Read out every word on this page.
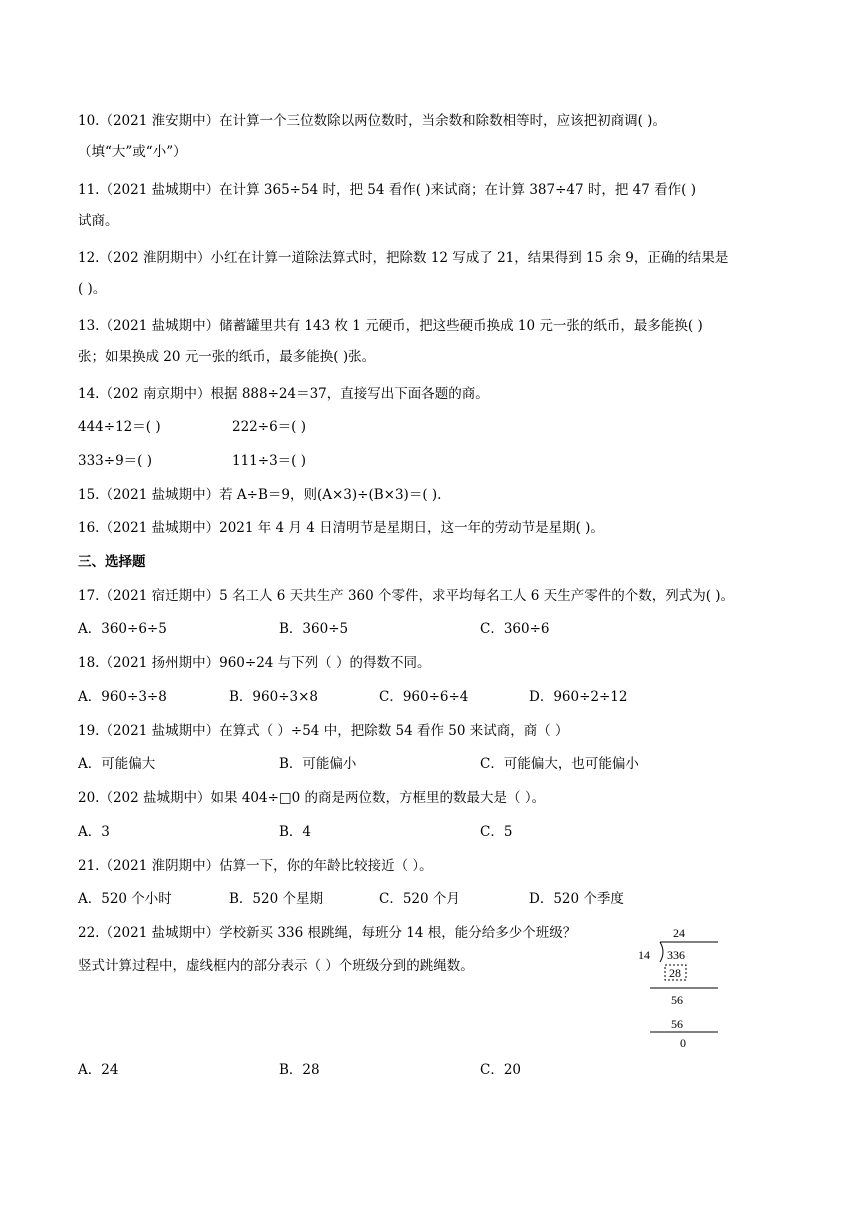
10.（2021 淮安期中）在计算一个三位数除以两位数时，当余数和除数相等时，应该把初商调( )。
（填“大”或“小”）
11.（2021 盐城期中）在计算 365÷54 时，把 54 看作( )来试商；在计算 387÷47 时，把 47 看作( )
试商。
12.（202 淮阴期中）小红在计算一道除法算式时，把除数 12 写成了 21，结果得到 15 余 9，正确的结果是
( )。
13.（2021 盐城期中）储蓄罐里共有 143 枚 1 元硬币，把这些硬币换成 10 元一张的纸币，最多能换( )
张；如果换成 20 元一张的纸币，最多能换( )张。
14.（202 南京期中）根据 888÷24＝37，直接写出下面各题的商。
444÷12＝( )	222÷6＝( )
333÷9＝( )	111÷3＝( )
15.（2021 盐城期中）若 A÷B＝9，则(A×3)÷(B×3)＝( ).
16.（2021 盐城期中）2021 年 4 月 4 日清明节是星期日，这一年的劳动节是星期( )。
三、选择题
17.（2021 宿迁期中）5 名工人 6 天共生产 360 个零件，求平均每名工人 6 天生产零件的个数，列式为( )。
A．360÷6÷5	B．360÷5	C．360÷6
18.（2021 扬州期中）960÷24 与下列（ ）的得数不同。
A．960÷3÷8	B．960÷3×8	C．960÷6÷4	D．960÷2÷12
19.（2021 盐城期中）在算式（ ）÷54 中，把除数 54 看作 50 来试商，商（ ）
A．可能偏大	B．可能偏小	C．可能偏大，也可能偏小
20.（202 盐城期中）如果 404÷□0 的商是两位数，方框里的数最大是（ ）。
A．3	B．4	C．5
21.（2021 淮阴期中）估算一下，你的年龄比较接近（ ）。
A．520 个小时	B．520 个星期	C．520 个月	D．520 个季度
22.（2021 盐城期中）学校新买 336 根跳绳，每班分 14 根，能分给多少个班级？
竖式计算过程中，虚线框内的部分表示（ ）个班级分到的跳绳数。
24
14 336
28
56
56
0
A．24	B．28	C．20
